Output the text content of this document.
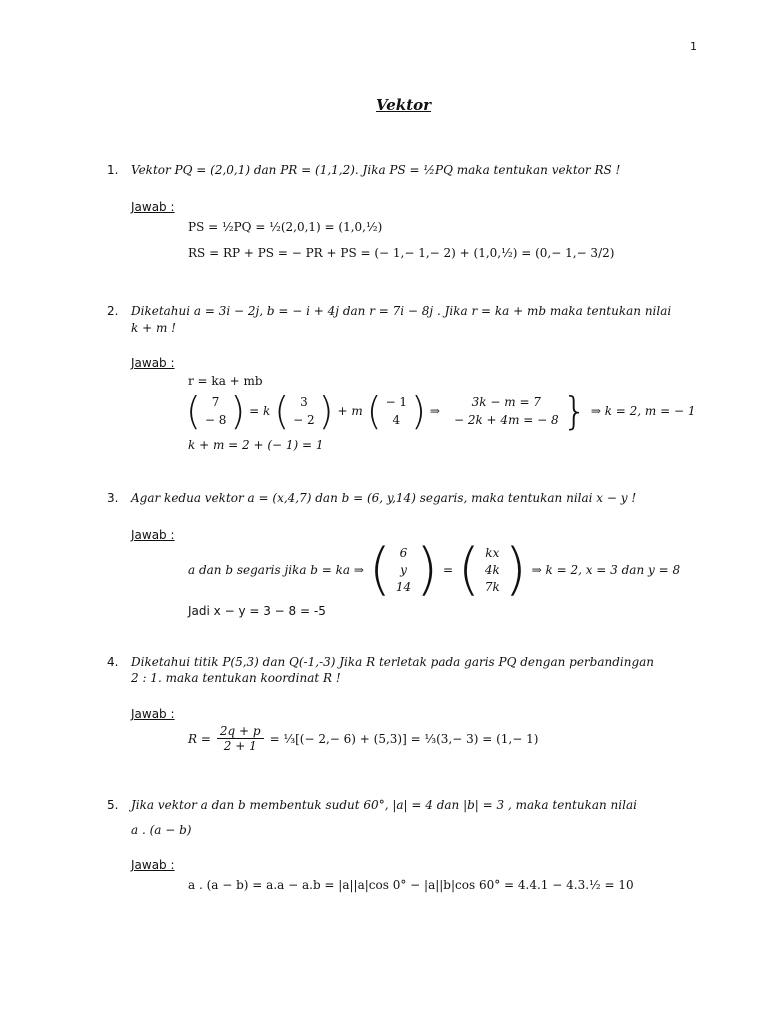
1
Vektor
1. Vektor PQ = (2,0,1) dan PR = (1,1,2). Jika PS = ½PQ maka tentukan vektor RS !
Jawab :
PS = ½PQ = ½(2,0,1) = (1,0,½)
RS = RP + PS = − PR + PS = (− 1,− 1,− 2) + (1,0,½) = (0,− 1,− 3/2)
2. Diketahui a = 3i − 2j, b = − i + 4j dan r = 7i − 8j . Jika r = ka + mb maka tentukan nilai
k + m !
Jawab :
r = ka + mb
( 7
− 8 ) = k ( 3
− 2 ) + m ( − 1
4 ) ⇒
3k − m = 7
− 2k + 4m = − 8 } ⇒ k = 2, m = − 1
k + m = 2 + (− 1) = 1
3. Agar kedua vektor a = (x,4,7) dan b = (6, y,14) segaris, maka tentukan nilai x − y !
Jawab :
a dan b segaris jika b = ka ⇒ ( 6
y
14 ) = ( kx
4k
7k ) ⇒ k = 2, x = 3 dan y = 8
Jadi x − y = 3 − 8 = -5
4. Diketahui titik P(5,3) dan Q(-1,-3) Jika R terletak pada garis PQ dengan perbandingan
2 : 1. maka tentukan koordinat R !
Jawab :
$R = \frac{2q + p}{2 + 1}$ = ⅓[(− 2,− 6) + (5,3)] = ⅓(3,− 3) = (1,− 1)
5. Jika vektor a dan b membentuk sudut 60°, |a| = 4 dan |b| = 3 , maka tentukan nilai
a . (a − b)
Jawab :
a . (a − b) = a.a − a.b = |a||a|cos 0° − |a||b|cos 60° = 4.4.1 − 4.3.½ = 10
